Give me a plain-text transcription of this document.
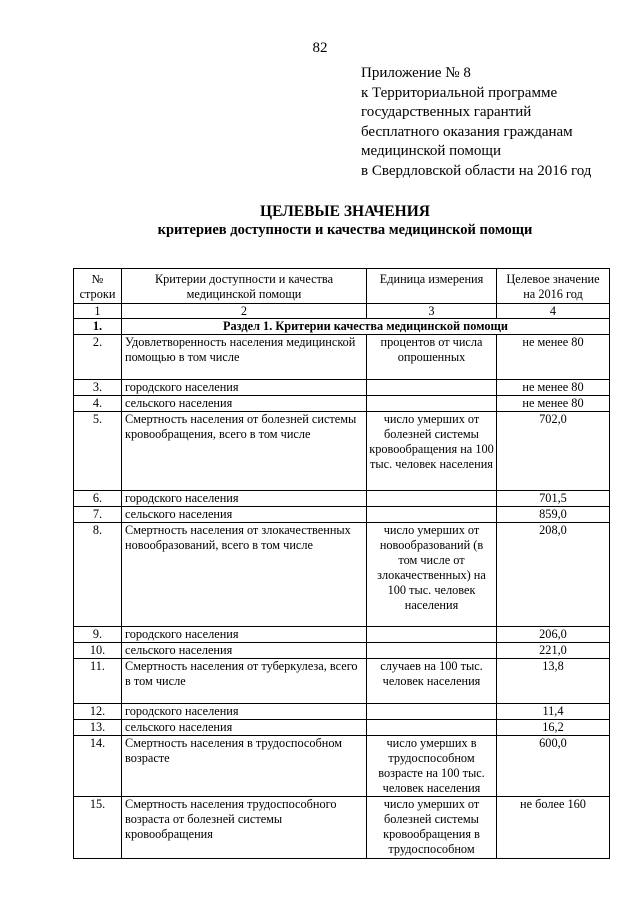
82
Приложение № 8
к Территориальной программе
государственных гарантий
бесплатного оказания гражданам
медицинской помощи
в Свердловской области на 2016 год
ЦЕЛЕВЫЕ ЗНАЧЕНИЯ
критериев доступности и качества медицинской помощи
№ строки	Критерии доступности и качества медицинской помощи	Единица измерения	Целевое значение на 2016 год
1	2	3	4
1.	Раздел 1. Критерии качества медицинской помощи		
2.	Удовлетворенность населения медицинской помощью в том числе	процентов от числа опрошенных	не менее 80
3.	городского населения		не менее 80
4.	сельского населения		не менее 80
5.	Смертность населения от болезней системы кровообращения, всего в том числе	число умерших от болезней системы кровообращения на 100 тыс. человек населения	702,0
6.	городского населения		701,5
7.	сельского населения		859,0
8.	Смертность населения от злокачественных новообразований, всего в том числе	число умерших от новообразований (в том числе от злокачественных) на 100 тыс. человек населения	208,0
9.	городского населения		206,0
10.	сельского населения		221,0
11.	Смертность населения от туберкулеза, всего в том числе	случаев на 100 тыс. человек населения	13,8
12.	городского населения		11,4
13.	сельского населения		16,2
14.	Смертность населения в трудоспособном возрасте	число умерших в трудоспособном возрасте на 100 тыс. человек населения	600,0
15.	Смертность населения трудоспособного возраста от болезней системы кровообращения	число умерших от болезней системы кровообращения в трудоспособном	не более 160
